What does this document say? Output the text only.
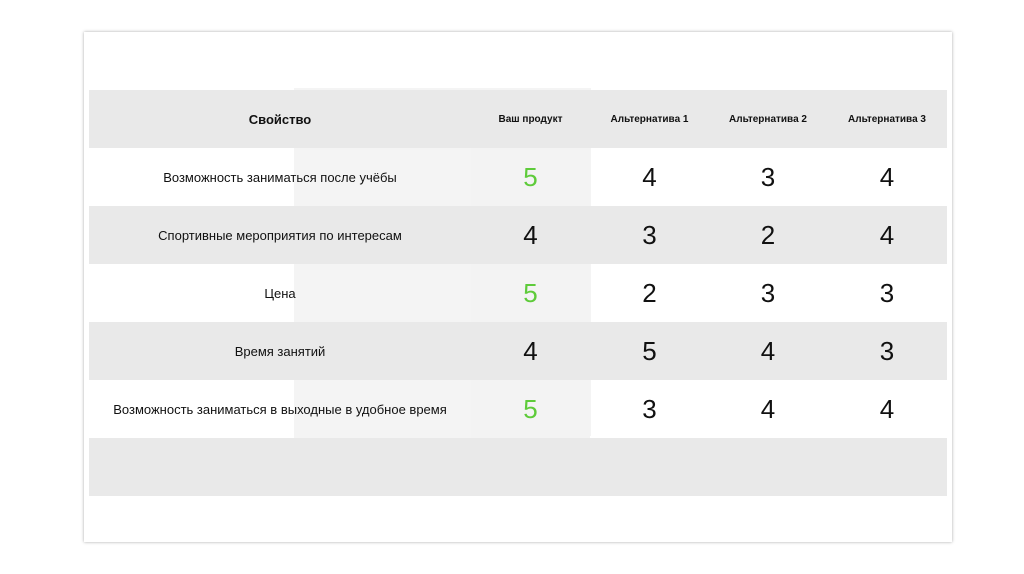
Свойство	Ваш продукт	Альтернатива 1	Альтернатива 2	Альтернатива 3
Возможность заниматься после учёбы	5	4	3	4
Спортивные мероприятия по интересам	4	3	2	4
Цена	5	2	3	3
Время занятий	4	5	4	3
Возможность заниматься в выходные в удобное время	5	3	4	4
